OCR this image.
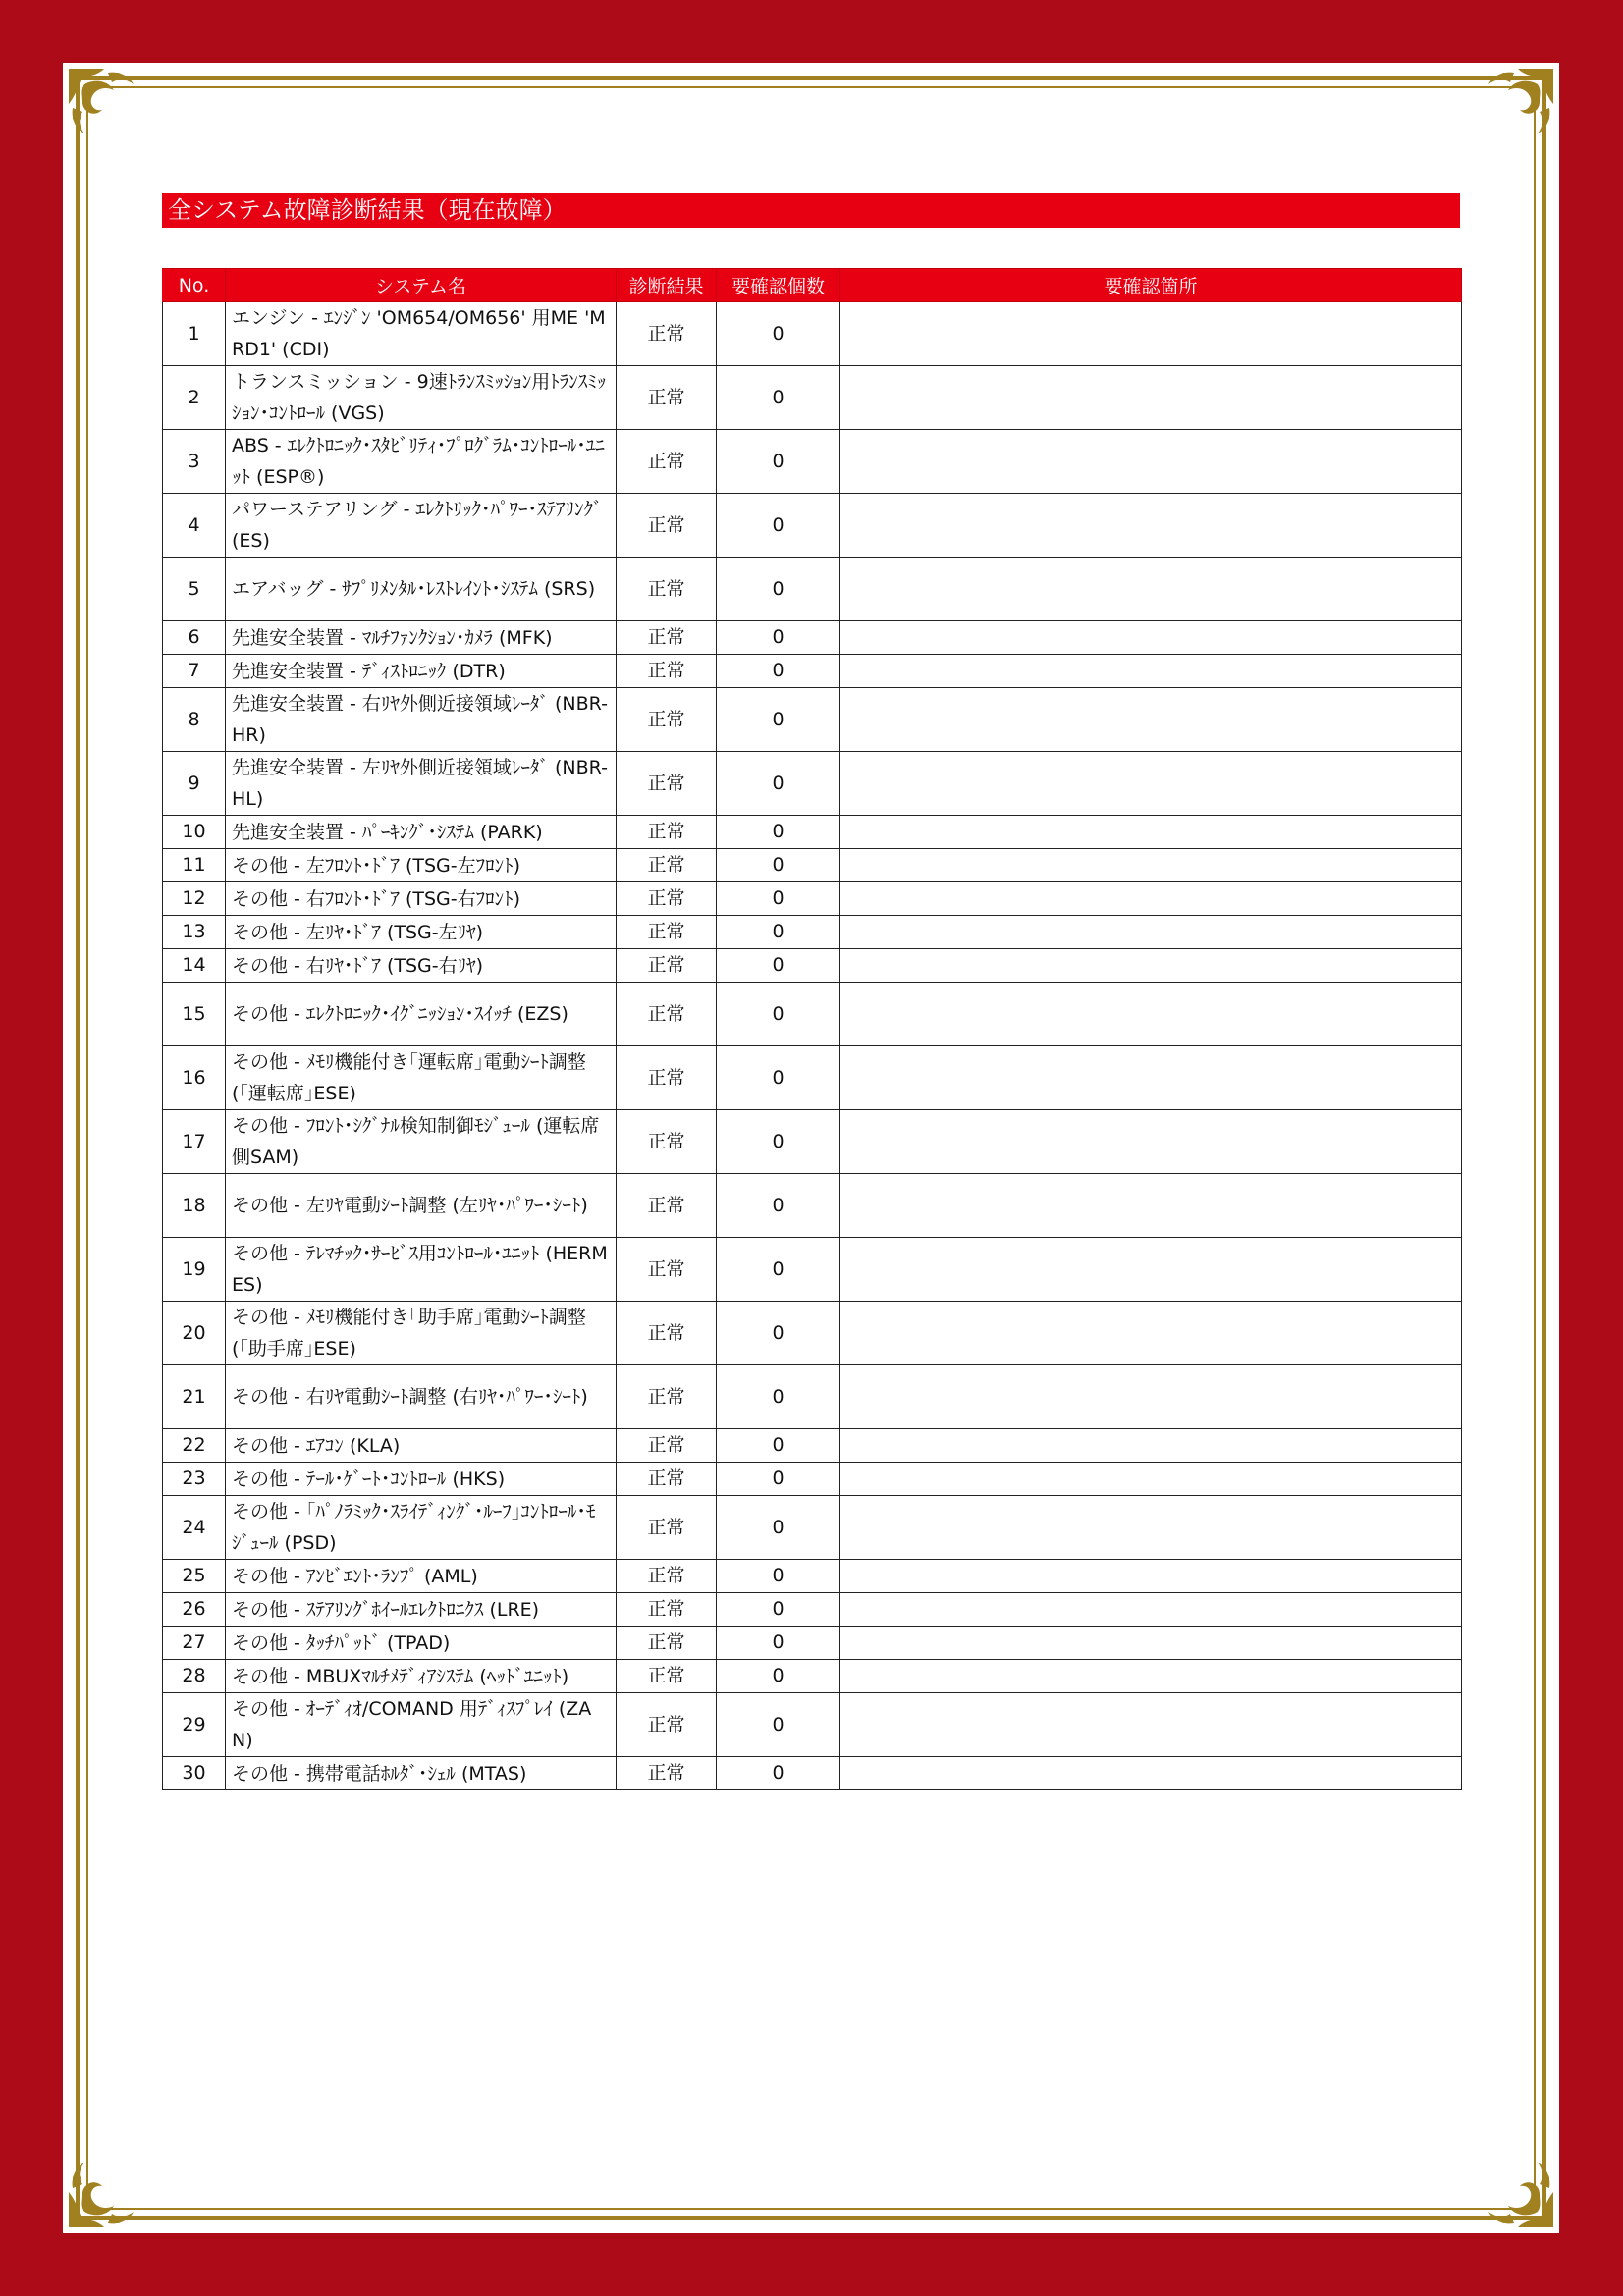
全システム故障診断結果（現在故障）
No.	システム名	診断結果	要確認個数	要確認箇所
1	エンジン - ｴﾝｼﾞﾝ 'OM654/OM656' 用ME 'MRD1' (CDI)	正常	0	
2	トランスミッション - 9速ﾄﾗﾝｽﾐｯｼｮﾝ用ﾄﾗﾝｽﾐｯｼｮﾝ･ｺﾝﾄﾛｰﾙ (VGS)	正常	0	
3	ABS - ｴﾚｸﾄﾛﾆｯｸ･ｽﾀﾋﾞﾘﾃｨ･ﾌﾟﾛｸﾞﾗﾑ･ｺﾝﾄﾛｰﾙ･ﾕﾆｯﾄ (ESP®)	正常	0	
4	パワーステアリング - ｴﾚｸﾄﾘｯｸ･ﾊﾟﾜｰ･ｽﾃｱﾘﾝｸﾞ (ES)	正常	0	
5	エアバッグ - ｻﾌﾟﾘﾒﾝﾀﾙ･ﾚｽﾄﾚｲﾝﾄ･ｼｽﾃﾑ (SRS)	正常	0	
6	先進安全装置 - ﾏﾙﾁﾌｧﾝｸｼｮﾝ･ｶﾒﾗ (MFK)	正常	0	
7	先進安全装置 - ﾃﾞｨｽﾄﾛﾆｯｸ (DTR)	正常	0	
8	先進安全装置 - 右ﾘﾔ外側近接領域ﾚｰﾀﾞ (NBR-HR)	正常	0	
9	先進安全装置 - 左ﾘﾔ外側近接領域ﾚｰﾀﾞ (NBR-HL)	正常	0	
10	先進安全装置 - ﾊﾟｰｷﾝｸﾞ･ｼｽﾃﾑ (PARK)	正常	0	
11	その他 - 左ﾌﾛﾝﾄ･ﾄﾞｱ (TSG-左ﾌﾛﾝﾄ)	正常	0	
12	その他 - 右ﾌﾛﾝﾄ･ﾄﾞｱ (TSG-右ﾌﾛﾝﾄ)	正常	0	
13	その他 - 左ﾘﾔ･ﾄﾞｱ (TSG-左ﾘﾔ)	正常	0	
14	その他 - 右ﾘﾔ･ﾄﾞｱ (TSG-右ﾘﾔ)	正常	0	
15	その他 - ｴﾚｸﾄﾛﾆｯｸ･ｲｸﾞﾆｯｼｮﾝ･ｽｲｯﾁ (EZS)	正常	0	
16	その他 - ﾒﾓﾘ機能付き｢運転席｣電動ｼｰﾄ調整 (｢運転席｣ESE)	正常	0	
17	その他 - ﾌﾛﾝﾄ･ｼｸﾞﾅﾙ検知制御ﾓｼﾞｭｰﾙ (運転席側SAM)	正常	0	
18	その他 - 左ﾘﾔ電動ｼｰﾄ調整 (左ﾘﾔ･ﾊﾟﾜｰ･ｼｰﾄ)	正常	0	
19	その他 - ﾃﾚﾏﾁｯｸ･ｻｰﾋﾞｽ用ｺﾝﾄﾛｰﾙ･ﾕﾆｯﾄ (HERMES)	正常	0	
20	その他 - ﾒﾓﾘ機能付き｢助手席｣電動ｼｰﾄ調整 (｢助手席｣ESE)	正常	0	
21	その他 - 右ﾘﾔ電動ｼｰﾄ調整 (右ﾘﾔ･ﾊﾟﾜｰ･ｼｰﾄ)	正常	0	
22	その他 - ｴｱｺﾝ (KLA)	正常	0	
23	その他 - ﾃｰﾙ･ｹﾞｰﾄ･ｺﾝﾄﾛｰﾙ (HKS)	正常	0	
24	その他 - ｢ﾊﾟﾉﾗﾐｯｸ･ｽﾗｲﾃﾞｨﾝｸﾞ･ﾙｰﾌ｣ｺﾝﾄﾛｰﾙ･ﾓｼﾞｭｰﾙ (PSD)	正常	0	
25	その他 - ｱﾝﾋﾞｴﾝﾄ･ﾗﾝﾌﾟ (AML)	正常	0	
26	その他 - ｽﾃｱﾘﾝｸﾞﾎｲｰﾙｴﾚｸﾄﾛﾆｸｽ (LRE)	正常	0	
27	その他 - ﾀｯﾁﾊﾟｯﾄﾞ (TPAD)	正常	0	
28	その他 - MBUXﾏﾙﾁﾒﾃﾞｨｱｼｽﾃﾑ (ﾍｯﾄﾞﾕﾆｯﾄ)	正常	0	
29	その他 - ｵｰﾃﾞｨｵ/COMAND 用ﾃﾞｨｽﾌﾟﾚｲ (ZAN)	正常	0	
30	その他 - 携帯電話ﾎﾙﾀﾞ･ｼｪﾙ (MTAS)	正常	0	
